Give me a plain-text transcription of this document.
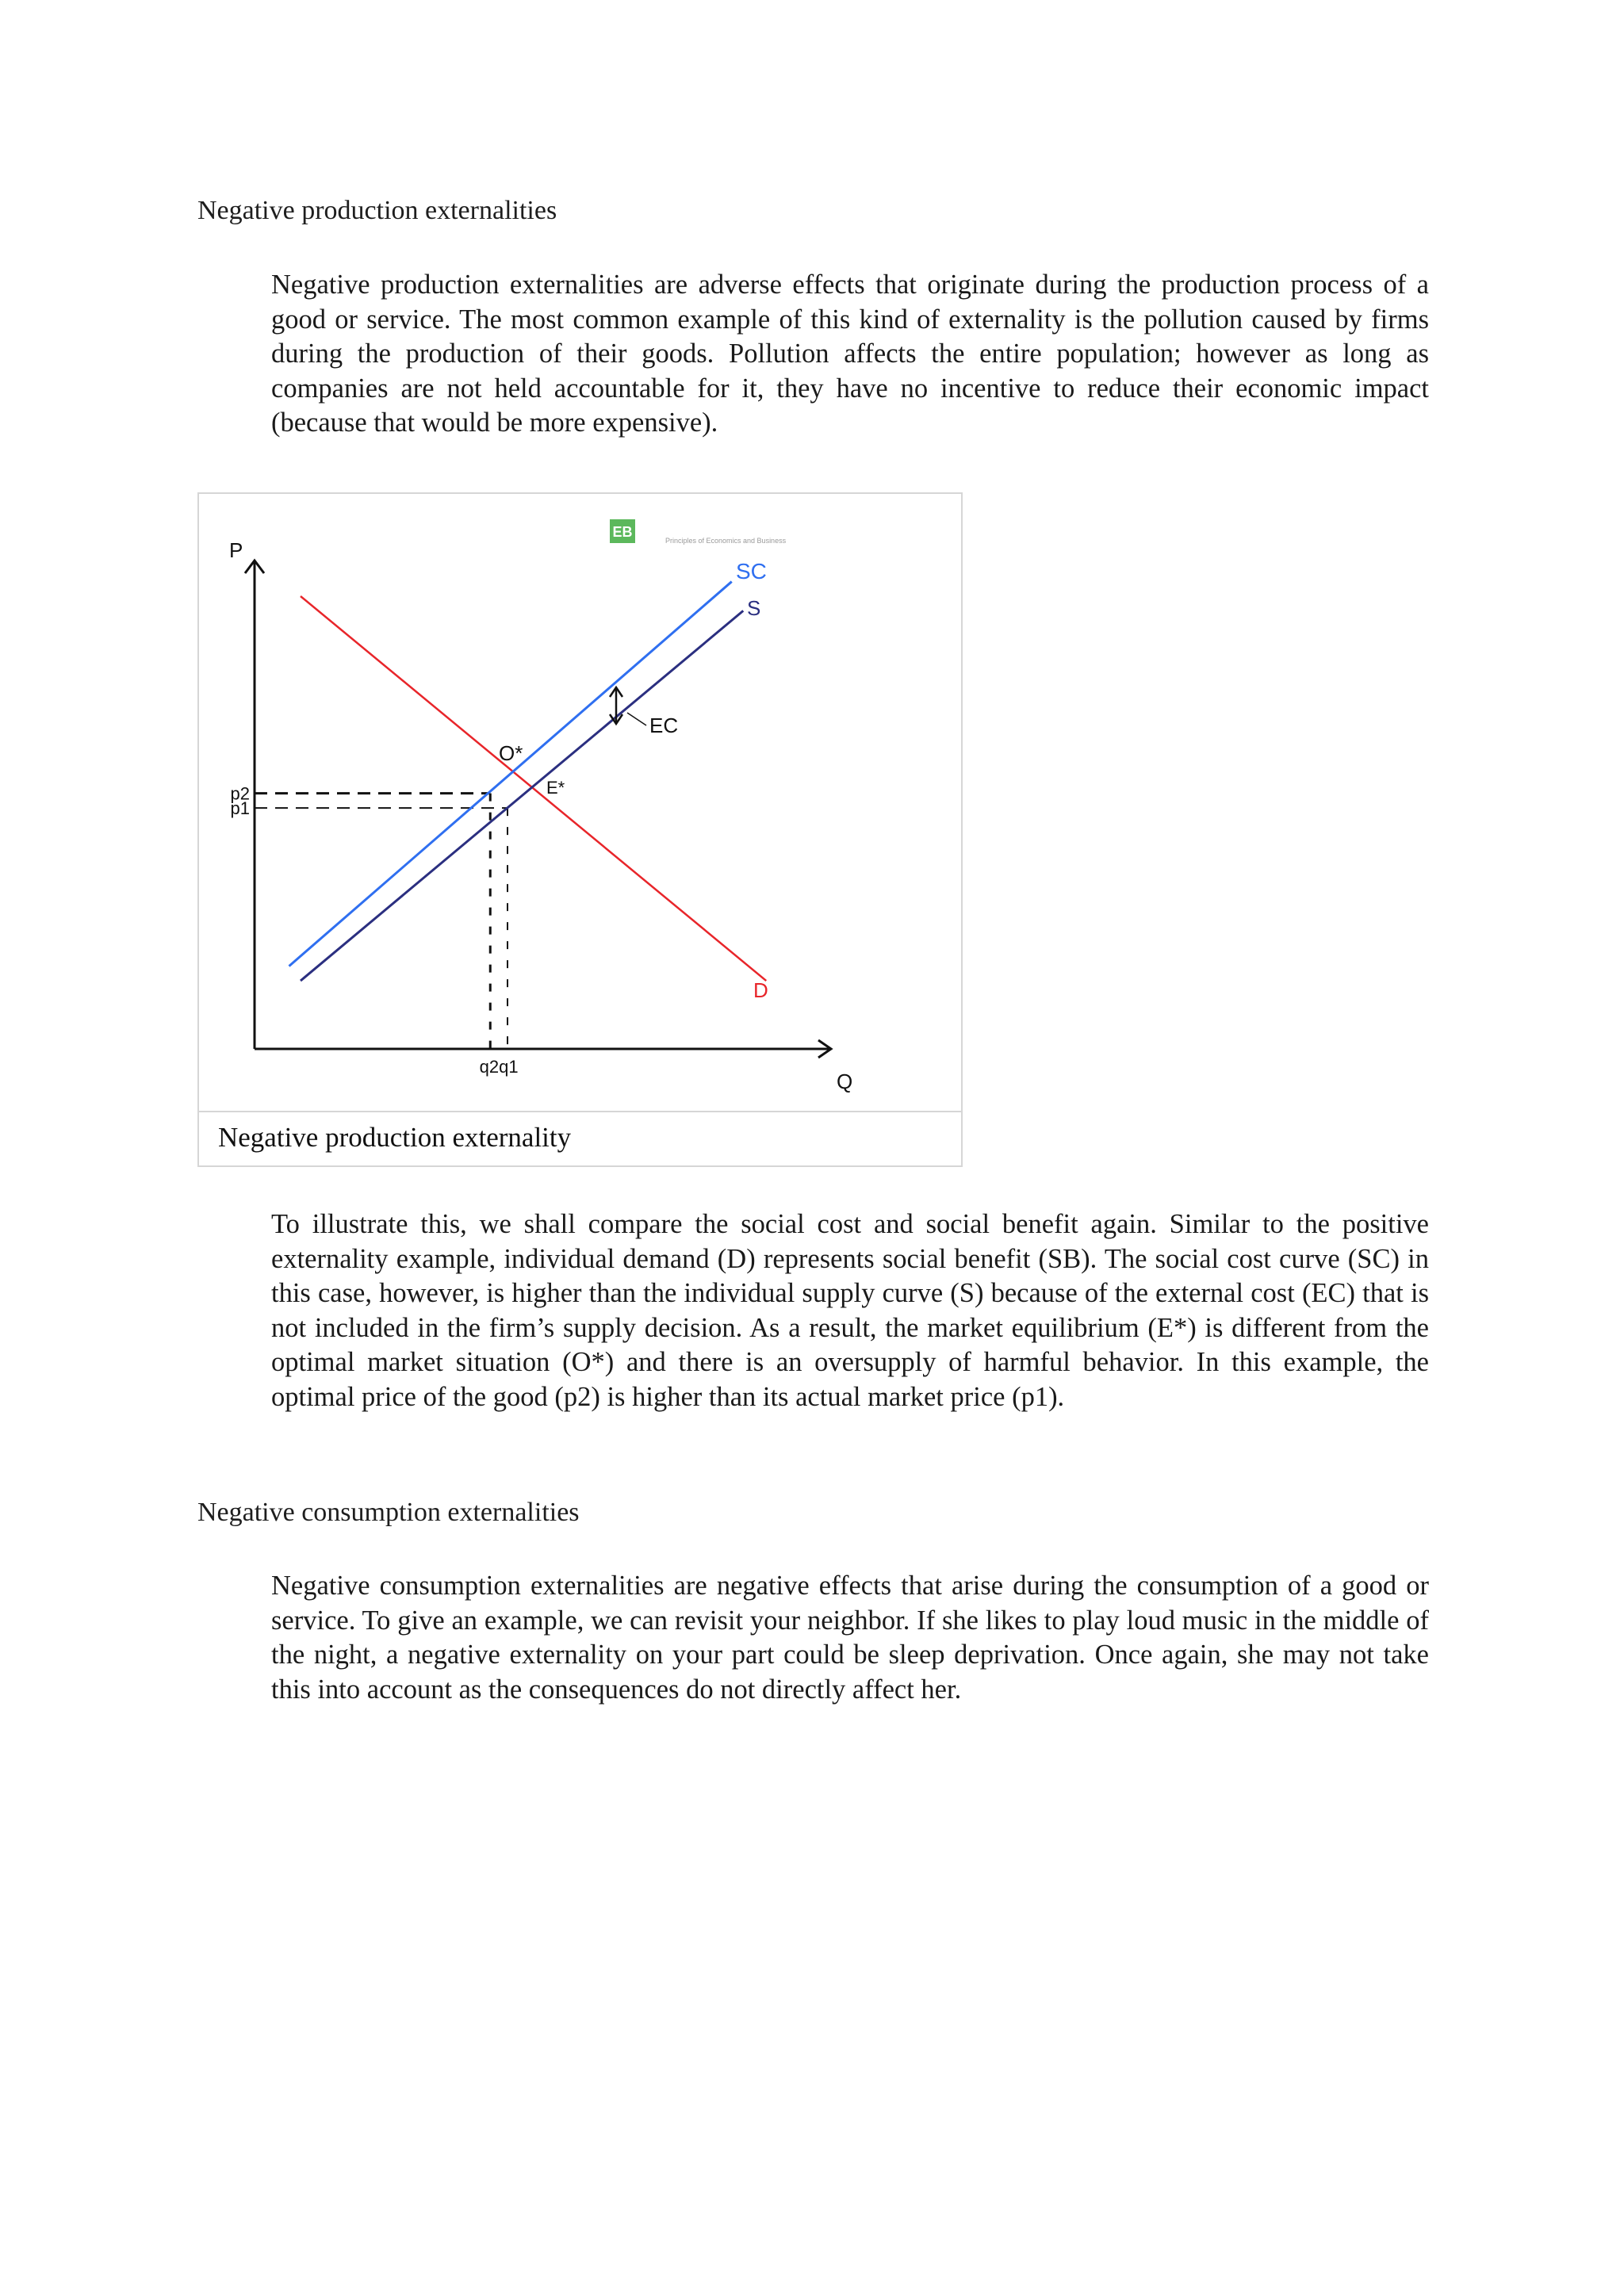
Negative production externalities

Negative production externalities are adverse effects that originate during the production process of a good or service. The most common example of this kind of externality is the pollution caused by firms during the production of their goods. Pollution affects the entire population; however as long as companies are not held accountable for it, they have no incentive to reduce their economic impact (because that would be more expensive).

EB
Principles of Economics and Business
P
Q
p2
p1
q2q1
SC
S
D
EC
O*
E*
Negative production externality

To illustrate this, we shall compare the social cost and social benefit again. Similar to the positive externality example, individual demand (D) represents social benefit (SB). The social cost curve (SC) in this case, however, is higher than the individual supply curve (S) because of the external cost (EC) that is not included in the firm’s supply decision. As a result, the market equilibrium (E*) is different from the optimal market situation (O*) and there is an oversupply of harmful behavior. In this example, the optimal price of the good (p2) is higher than its actual market price (p1).

Negative consumption externalities

Negative consumption externalities are negative effects that arise during the consumption of a good or service. To give an example, we can revisit your neighbor. If she likes to play loud music in the middle of the night, a negative externality on your part could be sleep deprivation. Once again, she may not take this into account as the consequences do not directly affect her.
